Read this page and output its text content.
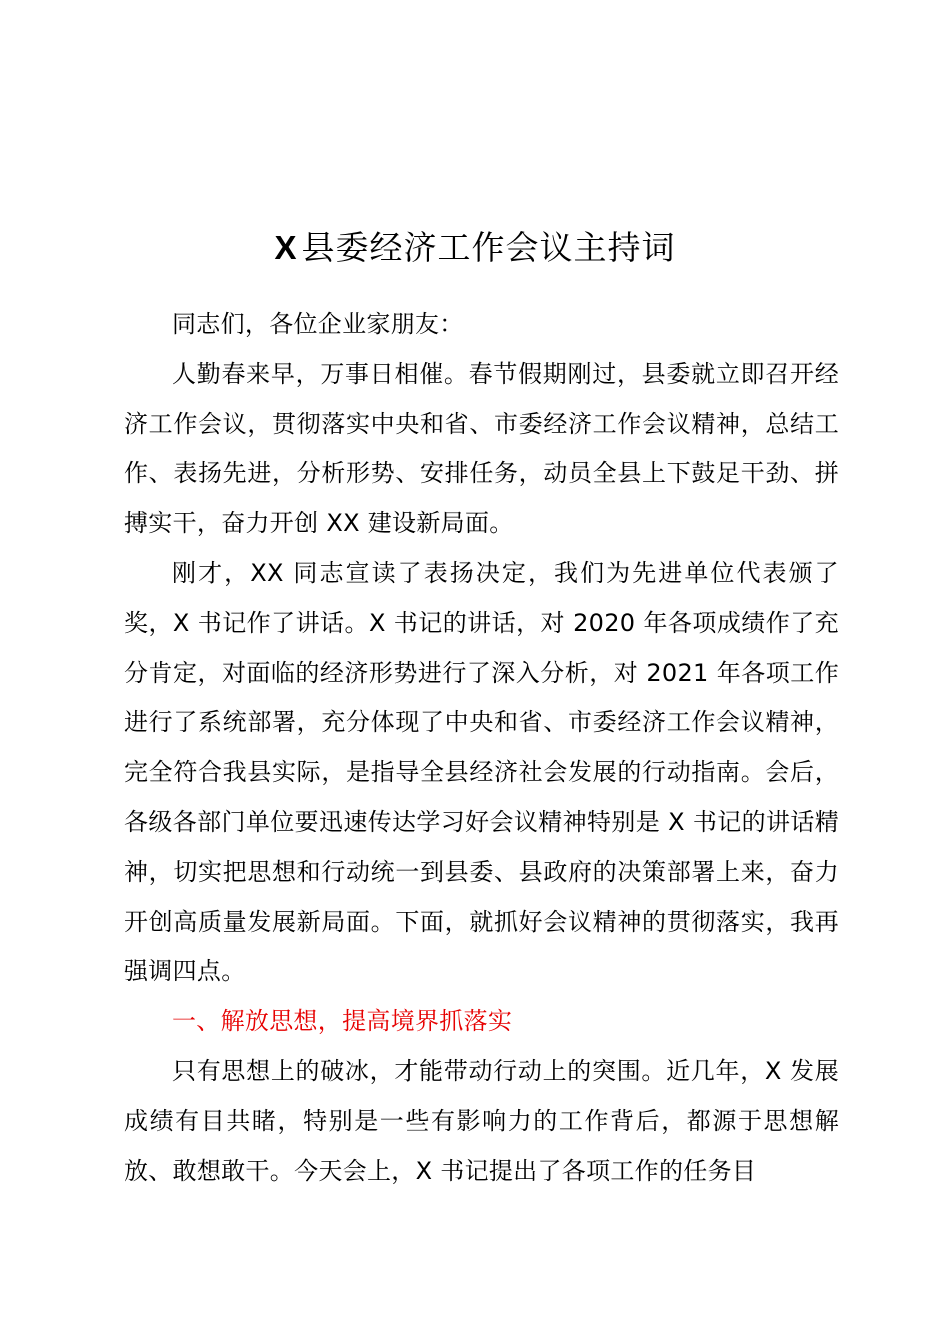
X 县委经济工作会议主持词

同志们，各位企业家朋友：

人勤春来早，万事日相催。春节假期刚过，县委就立即召开经济工作会议，贯彻落实中央和省、市委经济工作会议精神，总结工作、表扬先进，分析形势、安排任务，动员全县上下鼓足干劲、拼搏实干，奋力开创 XX 建设新局面。

刚才，XX 同志宣读了表扬决定，我们为先进单位代表颁了奖，X 书记作了讲话。X 书记的讲话，对 2020 年各项成绩作了充分肯定，对面临的经济形势进行了深入分析，对 2021 年各项工作进行了系统部署，充分体现了中央和省、市委经济工作会议精神，完全符合我县实际，是指导全县经济社会发展的行动指南。会后，各级各部门单位要迅速传达学习好会议精神特别是 X 书记的讲话精神，切实把思想和行动统一到县委、县政府的决策部署上来，奋力开创高质量发展新局面。下面，就抓好会议精神的贯彻落实，我再强调四点。

一、解放思想，提高境界抓落实

只有思想上的破冰，才能带动行动上的突围。近几年，X 发展成绩有目共睹，特别是一些有影响力的工作背后，都源于思想解放、敢想敢干。今天会上，X 书记提出了各项工作的任务目
